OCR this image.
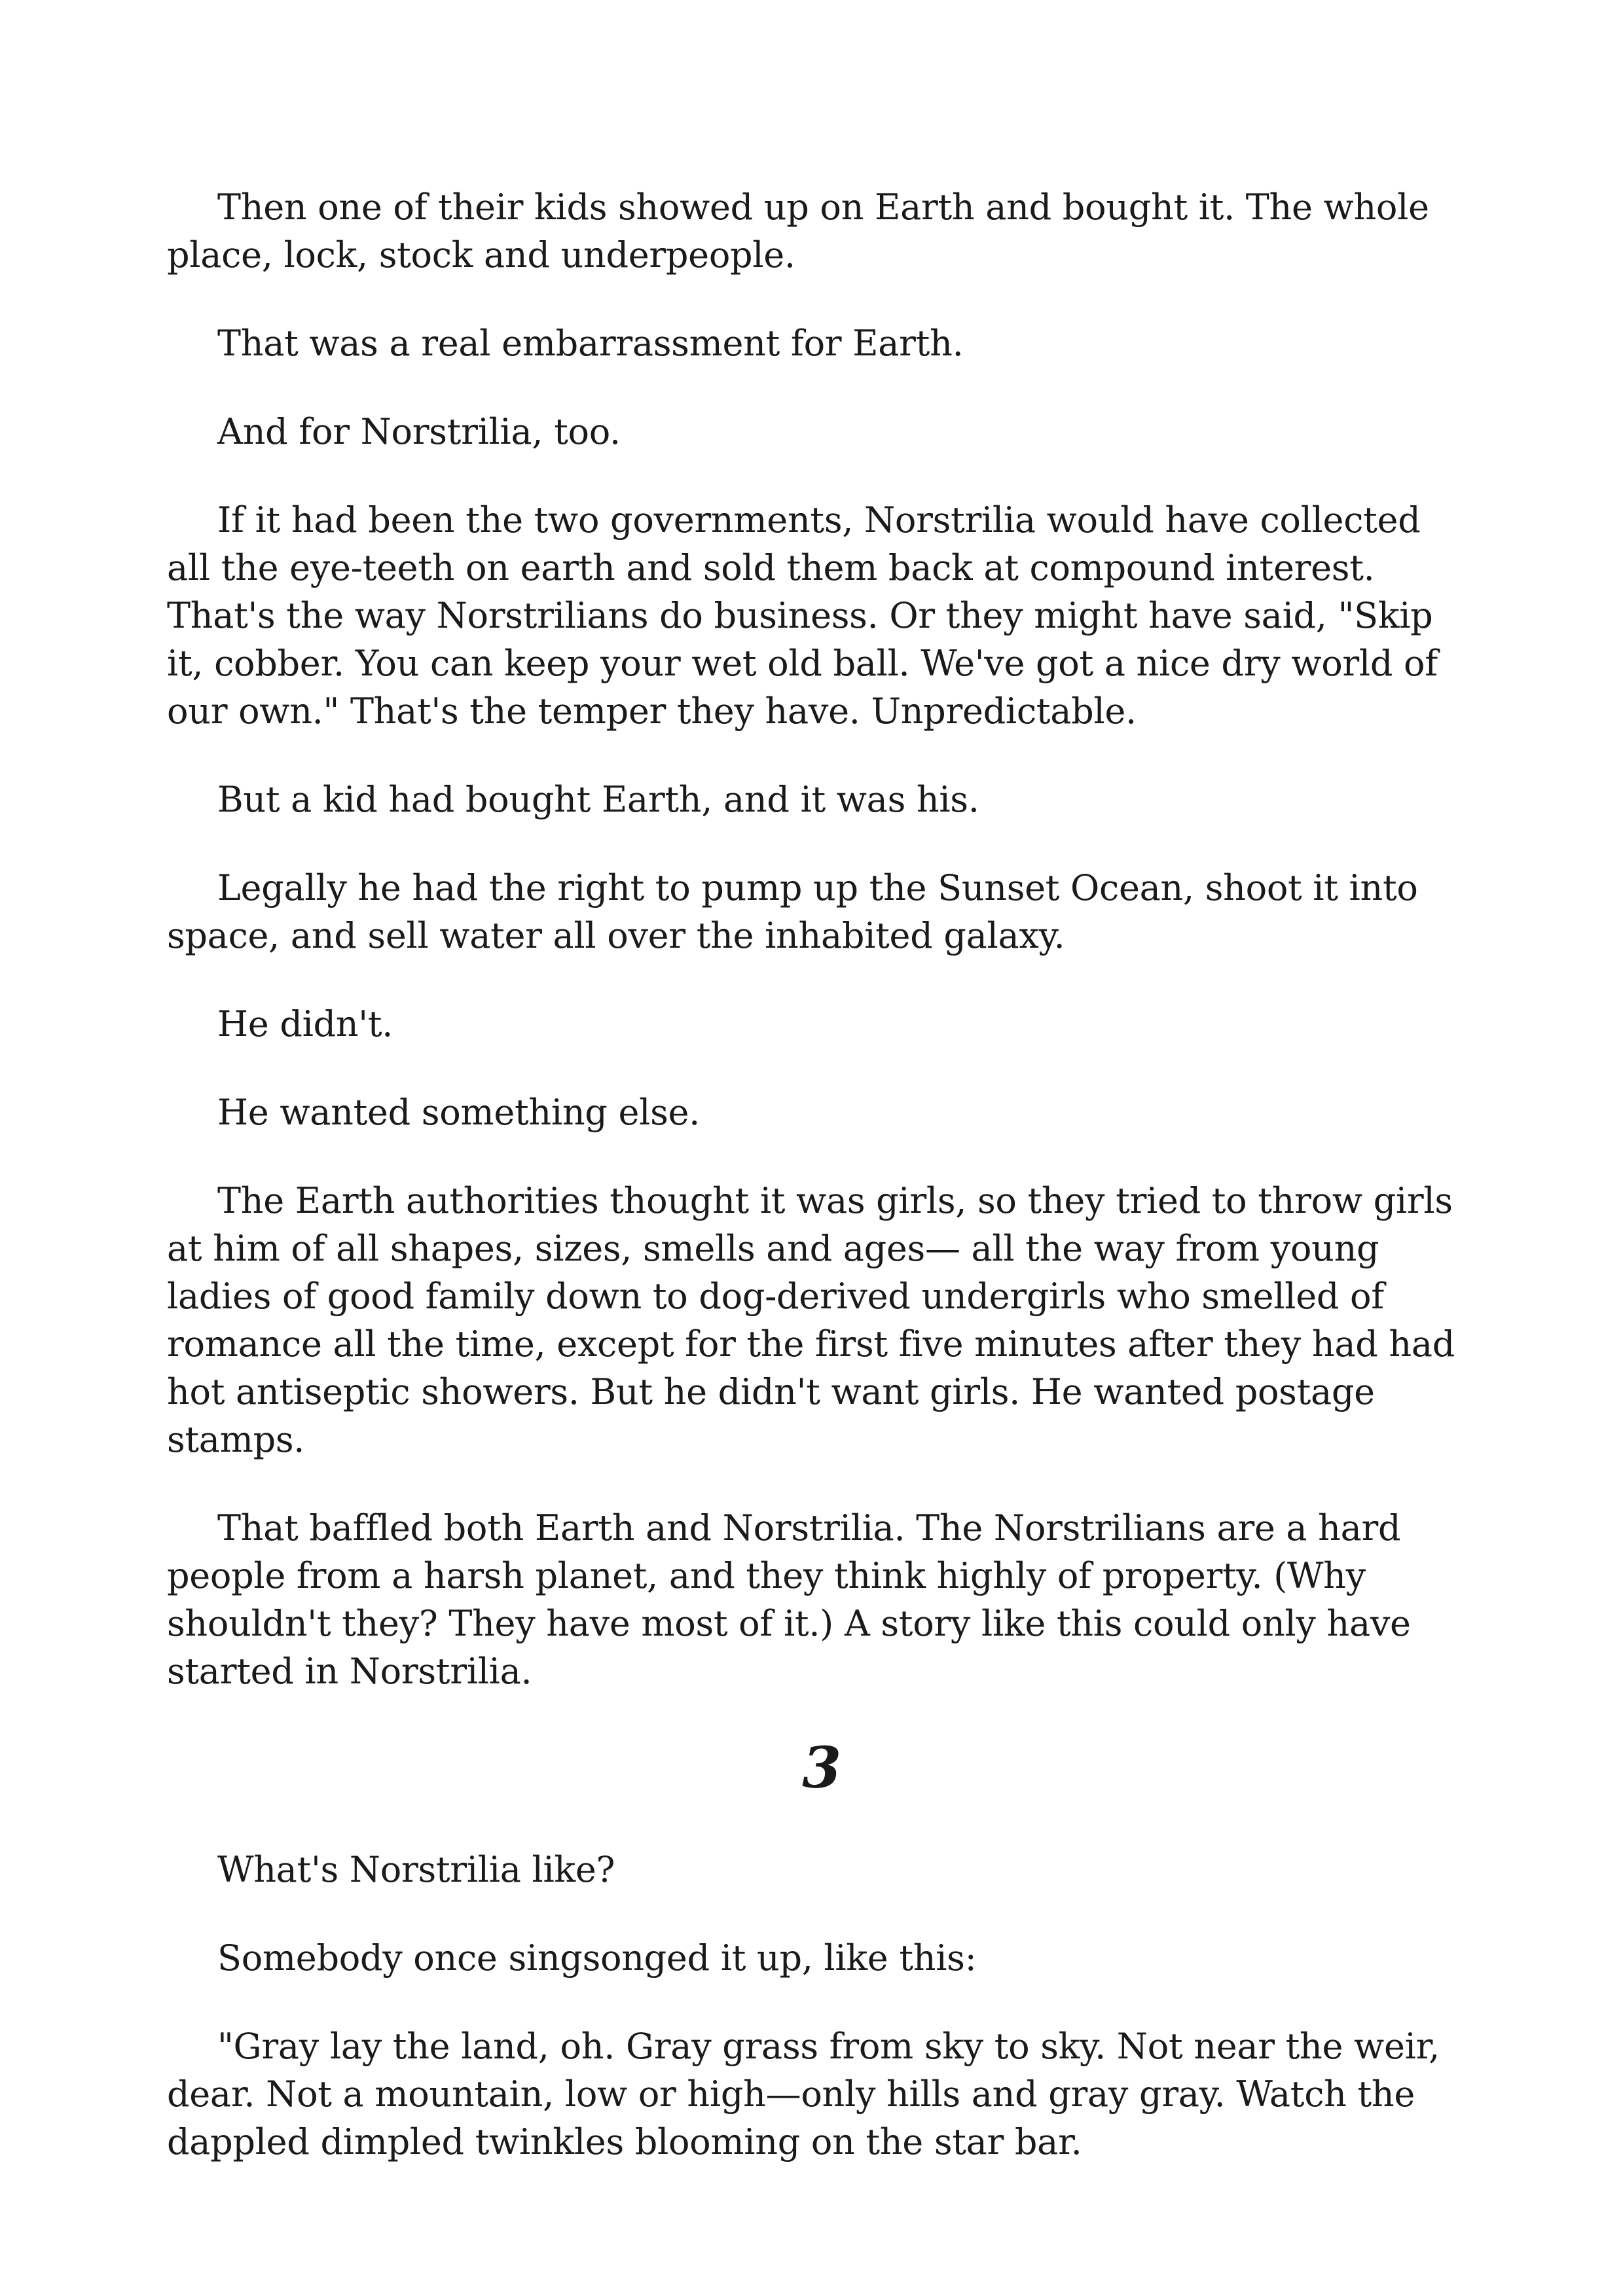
Then one of their kids showed up on Earth and bought it. The whole place, lock, stock and underpeople.

That was a real embarrassment for Earth.

And for Norstrilia, too.

If it had been the two governments, Norstrilia would have collected all the eye-teeth on earth and sold them back at compound interest. That's the way Norstrilians do business. Or they might have said, "Skip it, cobber. You can keep your wet old ball. We've got a nice dry world of our own." That's the temper they have. Unpredictable.

But a kid had bought Earth, and it was his.

Legally he had the right to pump up the Sunset Ocean, shoot it into space, and sell water all over the inhabited galaxy.

He didn't.

He wanted something else.

The Earth authorities thought it was girls, so they tried to throw girls at him of all shapes, sizes, smells and ages— all the way from young ladies of good family down to dog-derived undergirls who smelled of romance all the time, except for the first five minutes after they had had hot antiseptic showers. But he didn't want girls. He wanted postage stamps.

That baffled both Earth and Norstrilia. The Norstrilians are a hard people from a harsh planet, and they think highly of property. (Why shouldn't they? They have most of it.) A story like this could only have started in Norstrilia.

3

What's Norstrilia like?

Somebody once singsonged it up, like this:

"Gray lay the land, oh. Gray grass from sky to sky. Not near the weir, dear. Not a mountain, low or high—only hills and gray gray. Watch the dappled dimpled twinkles blooming on the star bar.
